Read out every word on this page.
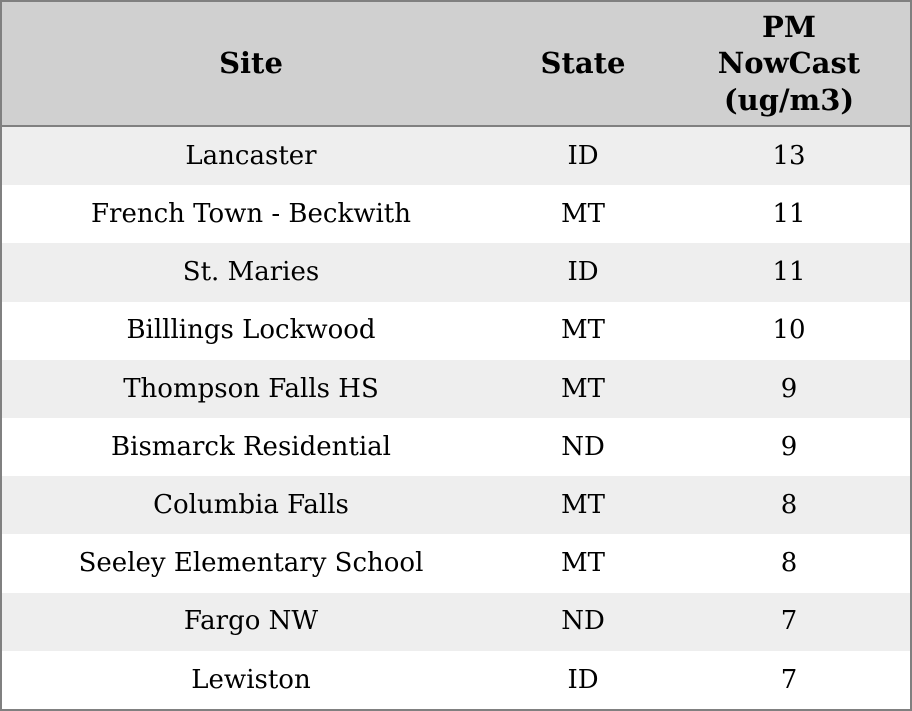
Site	State	PM NowCast (ug/m3)
Lancaster	ID	13
French Town - Beckwith	MT	11
St. Maries	ID	11
Billlings Lockwood	MT	10
Thompson Falls HS	MT	9
Bismarck Residential	ND	9
Columbia Falls	MT	8
Seeley Elementary School	MT	8
Fargo NW	ND	7
Lewiston	ID	7
